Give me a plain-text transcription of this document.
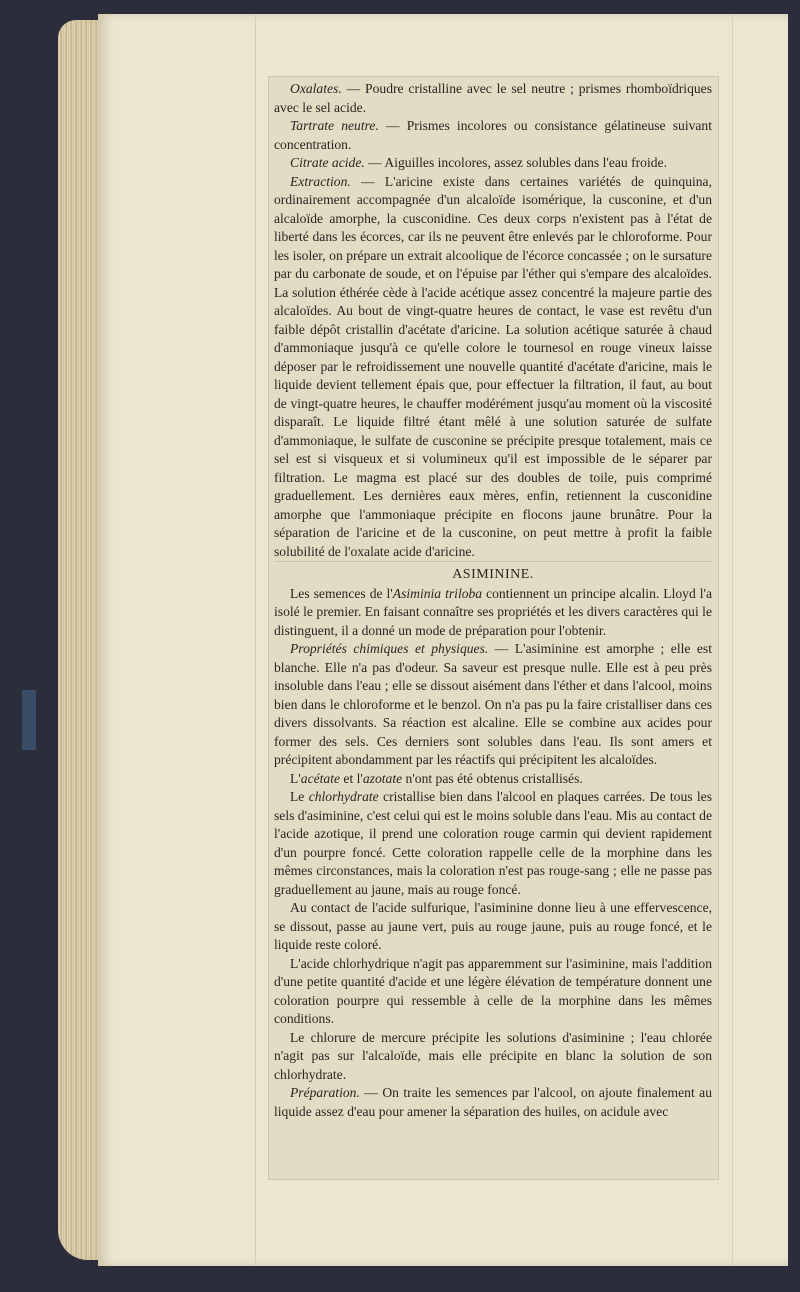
Oxalates. — Poudre cristalline avec le sel neutre ; prismes rhomboïdriques avec le sel acide.

Tartrate neutre. — Prismes incolores ou consistance gélatineuse suivant concentration.

Citrate acide. — Aiguilles incolores, assez solubles dans l'eau froide.

Extraction. — L'aricine existe dans certaines variétés de quinquina, ordinairement accompagnée d'un alcaloïde isomérique, la cusconine, et d'un alcaloïde amorphe, la cusconidine. Ces deux corps n'existent pas à l'état de liberté dans les écorces, car ils ne peuvent être enlevés par le chloroforme. Pour les isoler, on prépare un extrait alcoolique de l'écorce concassée ; on le sursature par du carbonate de soude, et on l'épuise par l'éther qui s'empare des alcaloïdes. La solution éthérée cède à l'acide acétique assez concentré la majeure partie des alcaloïdes. Au bout de vingt-quatre heures de contact, le vase est revêtu d'un faible dépôt cristallin d'acétate d'aricine. La solution acétique saturée à chaud d'ammoniaque jusqu'à ce qu'elle colore le tournesol en rouge vineux laisse déposer par le refroidissement une nouvelle quantité d'acétate d'aricine, mais le liquide devient tellement épais que, pour effectuer la filtration, il faut, au bout de vingt-quatre heures, le chauffer modérément jusqu'au moment où la viscosité disparaît. Le liquide filtré étant mêlé à une solution saturée de sulfate d'ammoniaque, le sulfate de cusconine se précipite presque totalement, mais ce sel est si visqueux et si volumineux qu'il est impossible de le séparer par filtration. Le magma est placé sur des doubles de toile, puis comprimé graduellement. Les dernières eaux mères, enfin, retiennent la cusconidine amorphe que l'ammoniaque précipite en flocons jaune brunâtre. Pour la séparation de l'aricine et de la cusconine, on peut mettre à profit la faible solubilité de l'oxalate acide d'aricine.

ASIMININE.

Les semences de l'Asiminia triloba contiennent un principe alcalin. Lloyd l'a isolé le premier. En faisant connaître ses propriétés et les divers caractères qui le distinguent, il a donné un mode de préparation pour l'obtenir.

Propriétés chimiques et physiques. — L'asiminine est amorphe ; elle est blanche. Elle n'a pas d'odeur. Sa saveur est presque nulle. Elle est à peu près insoluble dans l'eau ; elle se dissout aisément dans l'éther et dans l'alcool, moins bien dans le chloroforme et le benzol. On n'a pas pu la faire cristalliser dans ces divers dissolvants. Sa réaction est alcaline. Elle se combine aux acides pour former des sels. Ces derniers sont solubles dans l'eau. Ils sont amers et précipitent abondamment par les réactifs qui précipitent les alcaloïdes.

L'acétate et l'azotate n'ont pas été obtenus cristallisés.

Le chlorhydrate cristallise bien dans l'alcool en plaques carrées. De tous les sels d'asiminine, c'est celui qui est le moins soluble dans l'eau. Mis au contact de l'acide azotique, il prend une coloration rouge carmin qui devient rapidement d'un pourpre foncé. Cette coloration rappelle celle de la morphine dans les mêmes circonstances, mais la coloration n'est pas rouge-sang ; elle ne passe pas graduellement au jaune, mais au rouge foncé.

Au contact de l'acide sulfurique, l'asiminine donne lieu à une effervescence, se dissout, passe au jaune vert, puis au rouge jaune, puis au rouge foncé, et le liquide reste coloré.

L'acide chlorhydrique n'agit pas apparemment sur l'asiminine, mais l'addition d'une petite quantité d'acide et une légère élévation de température donnent une coloration pourpre qui ressemble à celle de la morphine dans les mêmes conditions.

Le chlorure de mercure précipite les solutions d'asiminine ; l'eau chlorée n'agit pas sur l'alcaloïde, mais elle précipite en blanc la solution de son chlorhydrate.

Préparation. — On traite les semences par l'alcool, on ajoute finalement au liquide assez d'eau pour amener la séparation des huiles, on acidule avec
